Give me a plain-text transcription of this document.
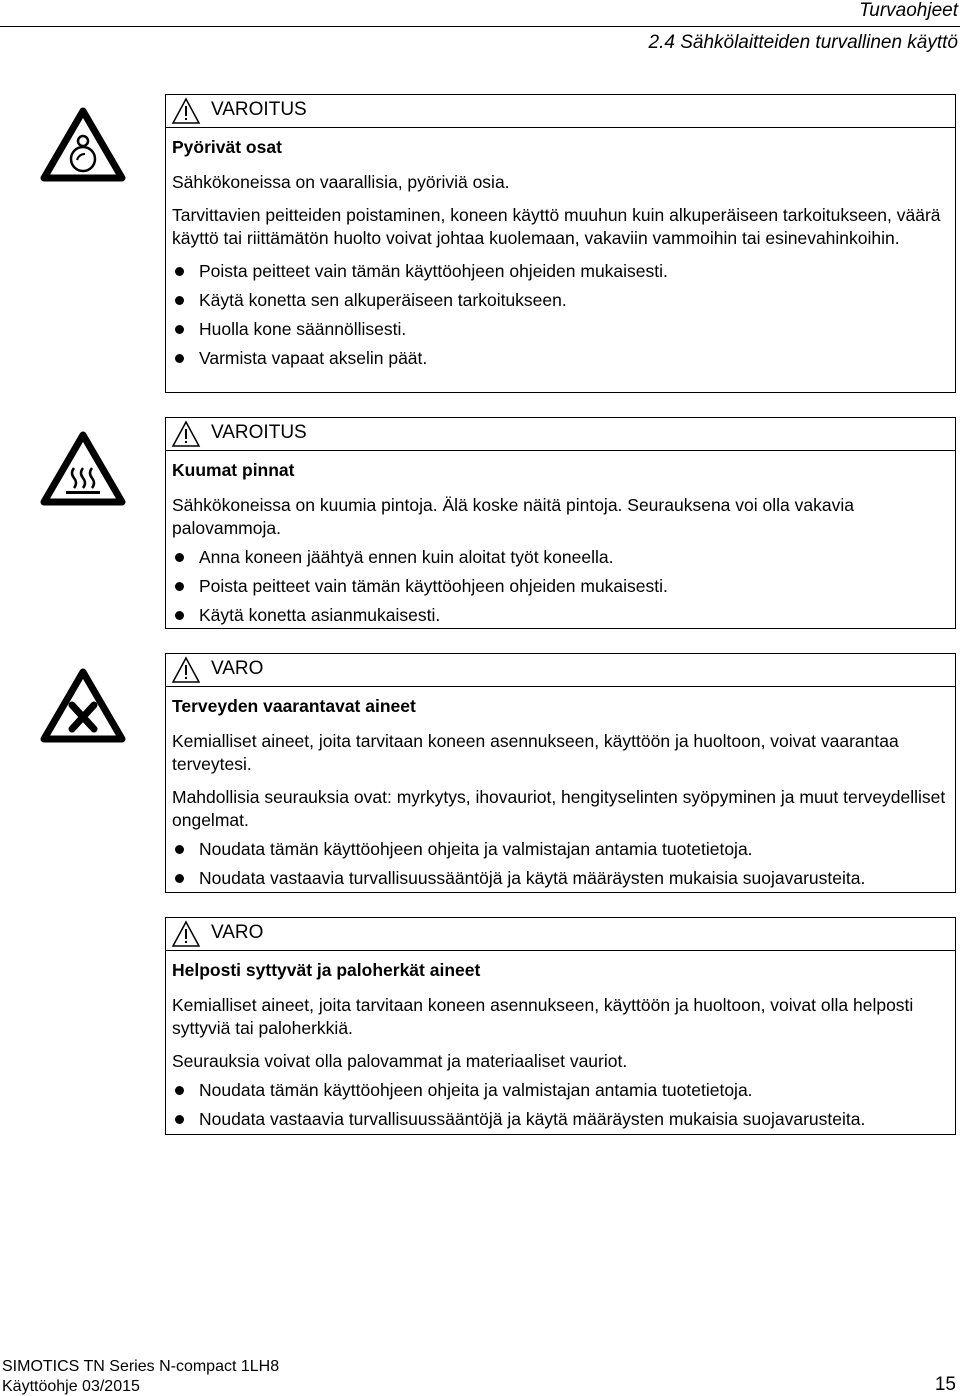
Turvaohjeet
2.4 Sähkölaitteiden turvallinen käyttö
VAROITUS
Pyörivät osat
Sähkökoneissa on vaarallisia, pyöriviä osia.
Tarvittavien peitteiden poistaminen, koneen käyttö muuhun kuin alkuperäiseen tarkoitukseen, väärä käyttö tai riittämätön huolto voivat johtaa kuolemaan, vakaviin vammoihin tai esinevahinkoihin.
Poista peitteet vain tämän käyttöohjeen ohjeiden mukaisesti.
Käytä konetta sen alkuperäiseen tarkoitukseen.
Huolla kone säännöllisesti.
Varmista vapaat akselin päät.
VAROITUS
Kuumat pinnat
Sähkökoneissa on kuumia pintoja. Älä koske näitä pintoja. Seurauksena voi olla vakavia palovammoja.
Anna koneen jäähtyä ennen kuin aloitat työt koneella.
Poista peitteet vain tämän käyttöohjeen ohjeiden mukaisesti.
Käytä konetta asianmukaisesti.
VARO
Terveyden vaarantavat aineet
Kemialliset aineet, joita tarvitaan koneen asennukseen, käyttöön ja huoltoon, voivat vaarantaa terveytesi.
Mahdollisia seurauksia ovat: myrkytys, ihovauriot, hengityselinten syöpyminen ja muut terveydelliset ongelmat.
Noudata tämän käyttöohjeen ohjeita ja valmistajan antamia tuotetietoja.
Noudata vastaavia turvallisuussääntöjä ja käytä määräysten mukaisia suojavarusteita.
VARO
Helposti syttyvät ja paloherkät aineet
Kemialliset aineet, joita tarvitaan koneen asennukseen, käyttöön ja huoltoon, voivat olla helposti syttyviä tai paloherkkiä.
Seurauksia voivat olla palovammat ja materiaaliset vauriot.
Noudata tämän käyttöohjeen ohjeita ja valmistajan antamia tuotetietoja.
Noudata vastaavia turvallisuussääntöjä ja käytä määräysten mukaisia suojavarusteita.
SIMOTICS TN Series N-compact 1LH8
Käyttöohje 03/2015	15
